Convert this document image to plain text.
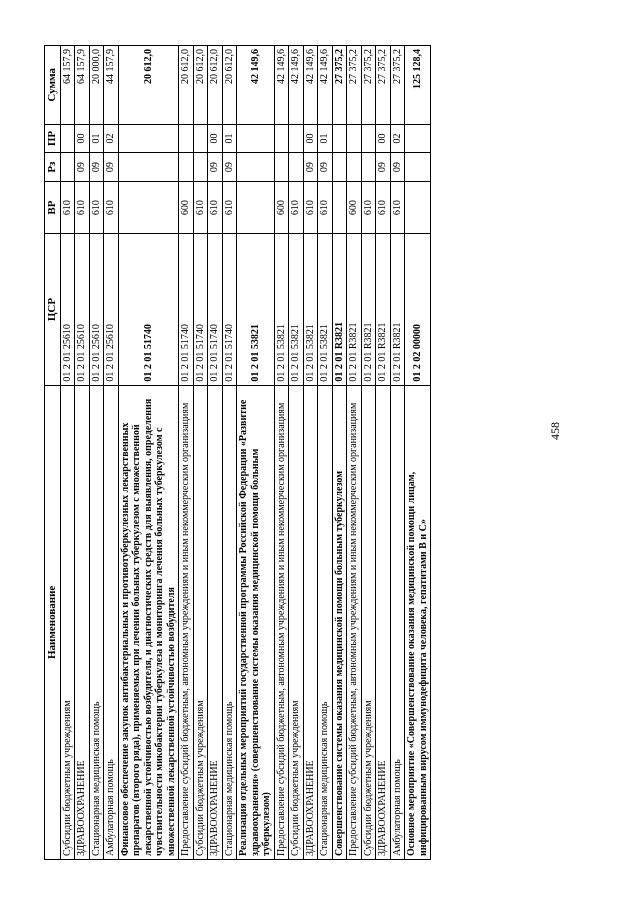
458
Наименование	ЦСР	ВР	Рз	ПР	Сумма
Субсидии бюджетным учреждениям	01 2 01 25610	610			64 157,9
ЗДРАВООХРАНЕНИЕ	01 2 01 25610	610	09	00	64 157,9
Стационарная медицинская помощь	01 2 01 25610	610	09	01	20 000,0
Амбулаторная помощь	01 2 01 25610	610	09	02	44 157,9
Финансовое обеспечение закупок антибактериальных и противотуберкулезных лекарственных препаратов (второго ряда), применяемых при лечении больных туберкулезом с множественной лекарственной устойчивостью возбудителя, и диагностических средств для выявления, определения чувствительности микобактерии туберкулеза и мониторинга лечения больных туберкулезом с множественной лекарственной устойчивостью возбудителя	01 2 01 51740				20 612,0
Предоставление субсидий бюджетным, автономным учреждениям и иным некоммерческим организациям	01 2 01 51740	600			20 612,0
Субсидии бюджетным учреждениям	01 2 01 51740	610			20 612,0
ЗДРАВООХРАНЕНИЕ	01 2 01 51740	610	09	00	20 612,0
Стационарная медицинская помощь	01 2 01 51740	610	09	01	20 612,0
Реализация отдельных мероприятий государственной программы Российской Федерации «Развитие здравоохранения» (совершенствование системы оказания медицинской помощи больным туберкулезом)	01 2 01 53821				42 149,6
Предоставление субсидий бюджетным, автономным учреждениям и иным некоммерческим организациям	01 2 01 53821	600			42 149,6
Субсидии бюджетным учреждениям	01 2 01 53821	610			42 149,6
ЗДРАВООХРАНЕНИЕ	01 2 01 53821	610	09	00	42 149,6
Стационарная медицинская помощь	01 2 01 53821	610	09	01	42 149,6
Совершенствование системы оказания медицинской помощи больным туберкулезом	01 2 01 R3821				27 375,2
Предоставление субсидий бюджетным, автономным учреждениям и иным некоммерческим организациям	01 2 01 R3821	600			27 375,2
Субсидии бюджетным учреждениям	01 2 01 R3821	610			27 375,2
ЗДРАВООХРАНЕНИЕ	01 2 01 R3821	610	09	00	27 375,2
Амбулаторная помощь	01 2 01 R3821	610	09	02	27 375,2
Основное мероприятие «Совершенствование оказания медицинской помощи лицам, инфицированным вирусом иммунодефицита человека, гепатитами В и С»	01 2 02 00000				125 128,4
